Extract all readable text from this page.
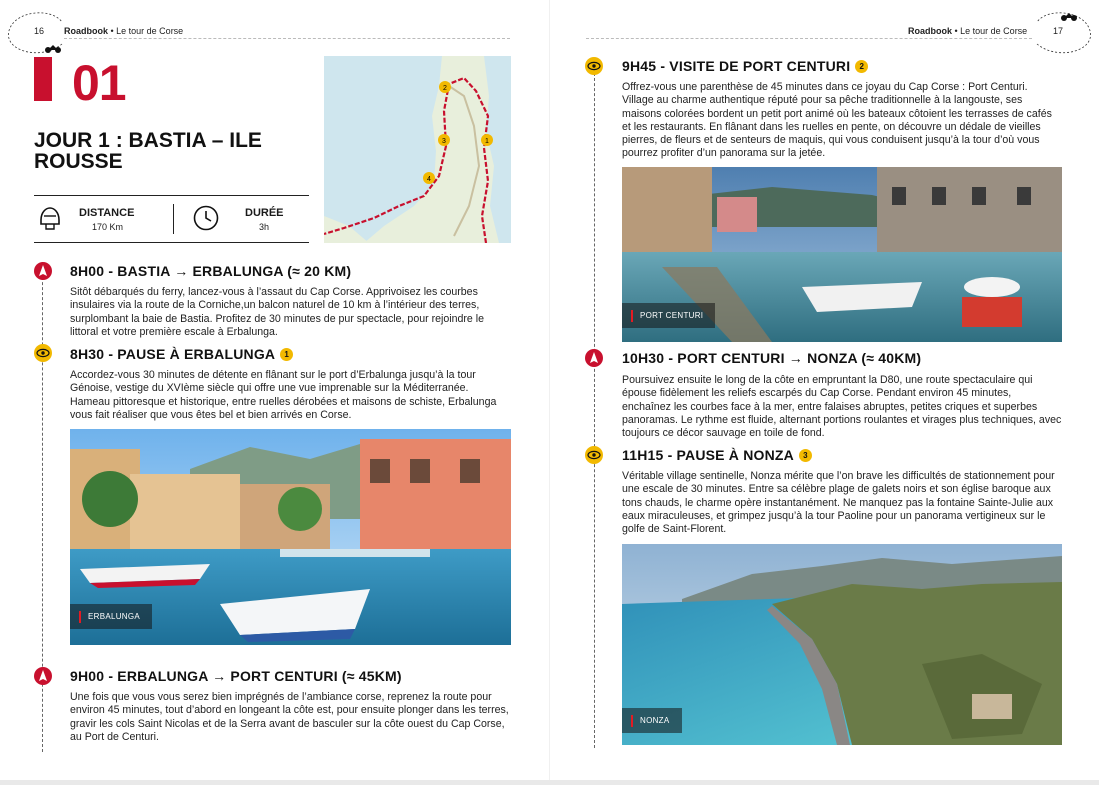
16 Roadbook • Le tour de Corse
01
JOUR 1 : BASTIA – ILE ROUSSE
2
1
3
4
DISTANCE
170 Km
DURÉE
3h
8H00 - BASTIA → ERBALUNGA (≈ 20 KM)
Sitôt débarqués du ferry, lancez-vous à l’assaut du Cap Corse. Apprivoisez les courbes insulaires via la route de la Corniche,un balcon naturel de 10 km à l’intérieur des terres, surplombant la baie de Bastia. Profitez de 30 minutes de pur spectacle, pour rejoindre le littoral et votre première escale à Erbalunga.
8H30 - PAUSE À ERBALUNGA 1
Accordez-vous 30 minutes de détente en flânant sur le port d’Erbalunga jusqu’à la tour Génoise, vestige du XVIème siècle qui offre une vue imprenable sur la Méditerranée. Hameau pittoresque et historique, entre ruelles dérobées et maisons de schiste, Erbalunga vous fait réaliser que vous êtes bel et bien arrivés en Corse.
ERBALUNGA
9H00 - ERBALUNGA → PORT CENTURI (≈ 45KM)
Une fois que vous vous serez bien imprégnés de l’ambiance corse, reprenez la route pour environ 45 minutes, tout d’abord en longeant la côte est, pour ensuite plonger dans les terres, gravir les cols Saint Nicolas et de la Serra avant de basculer sur la côte ouest du Cap Corse, au Port de Centuri.
Roadbook • Le tour de Corse	17
9H45 - VISITE DE PORT CENTURI 2
Offrez-vous une parenthèse de 45 minutes dans ce joyau du Cap Corse : Port Centuri. Village au charme authentique réputé pour sa pêche traditionnelle à la langouste, ses maisons colorées bordent un petit port animé où les bateaux côtoient les terrasses de cafés et les restaurants. En flânant dans les ruelles en pente, on découvre un dédale de vieilles pierres, de fleurs et de senteurs de maquis, qui vous conduisent jusqu’à la tour d’où vous pourrez profiter d’un panorama sur la jetée.
PORT CENTURI
10H30 - PORT CENTURI → NONZA (≈ 40KM)
Poursuivez ensuite le long de la côte en empruntant la D80, une route spectaculaire qui épouse fidèlement les reliefs escarpés du Cap Corse. Pendant environ 45 minutes, enchaînez les courbes face à la mer, entre falaises abruptes, petites criques et superbes panoramas. Le rythme est fluide, alternant portions roulantes et virages plus techniques, avec toujours ce décor sauvage en toile de fond.
11H15 - PAUSE À NONZA 3
Véritable village sentinelle, Nonza mérite que l’on brave les difficultés de stationnement pour une escale de 30 minutes. Entre sa célèbre plage de galets noirs et son église baroque aux tons chauds, le charme opère instantanément. Ne manquez pas la fontaine Sainte-Julie aux eaux miraculeuses, et grimpez jusqu’à la tour Paoline pour un panorama vertigineux sur le golfe de Saint-Florent.
NONZA
